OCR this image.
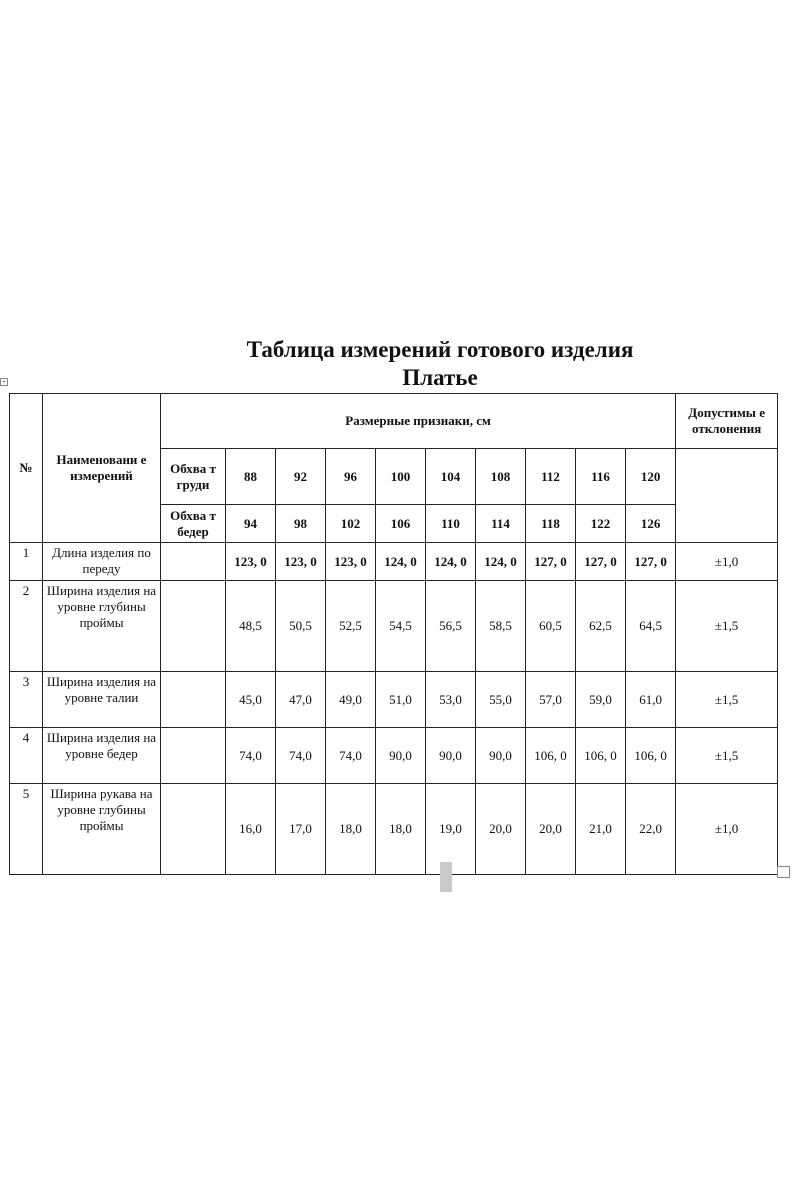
+
Таблица измерений готового изделия
Платье
№	Наименовани е измерений	Размерные признаки, см										Допустимы е отклонения
		Обхва т груди	88	92	96	100	104	108	112	116	120	
		Обхва т бедер	94	98	102	106	110	114	118	122	126	
1	Длина изделия по переду		123, 0	123, 0	123, 0	124, 0	124, 0	124, 0	127, 0	127, 0	127, 0	±1,0
2	Ширина изделия на уровне глубины проймы		48,5	50,5	52,5	54,5	56,5	58,5	60,5	62,5	64,5	±1,5
3	Ширина изделия на уровне талии		45,0	47,0	49,0	51,0	53,0	55,0	57,0	59,0	61,0	±1,5
4	Ширина изделия на уровне бедер		74,0	74,0	74,0	90,0	90,0	90,0	106, 0	106, 0	106, 0	±1,5
5	Ширина рукава на уровне глубины проймы		16,0	17,0	18,0	18,0	19,0	20,0	20,0	21,0	22,0	±1,0
